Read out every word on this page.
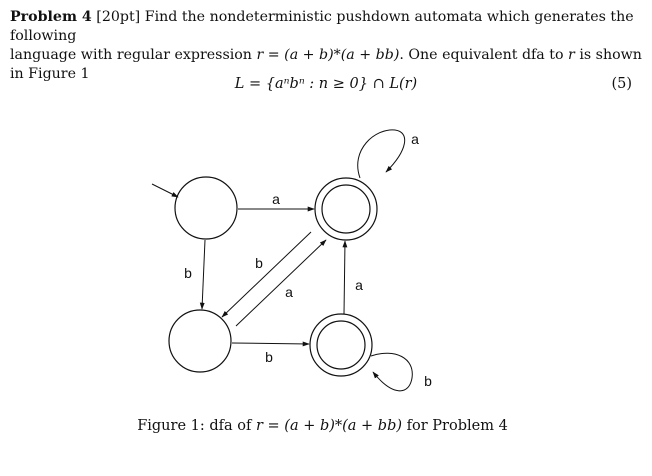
Problem 4 [20pt] Find the nondeterministic pushdown automata which generates the following
language with regular expression r = (a + b)*(a + bb). One equivalent dfa to r is shown in Figure 1
L = {aⁿbⁿ : n ≥ 0} ∩ L(r)	(5)
a
b
a
b
a
b
a
b
Figure 1: dfa of r = (a + b)*(a + bb) for Problem 4
